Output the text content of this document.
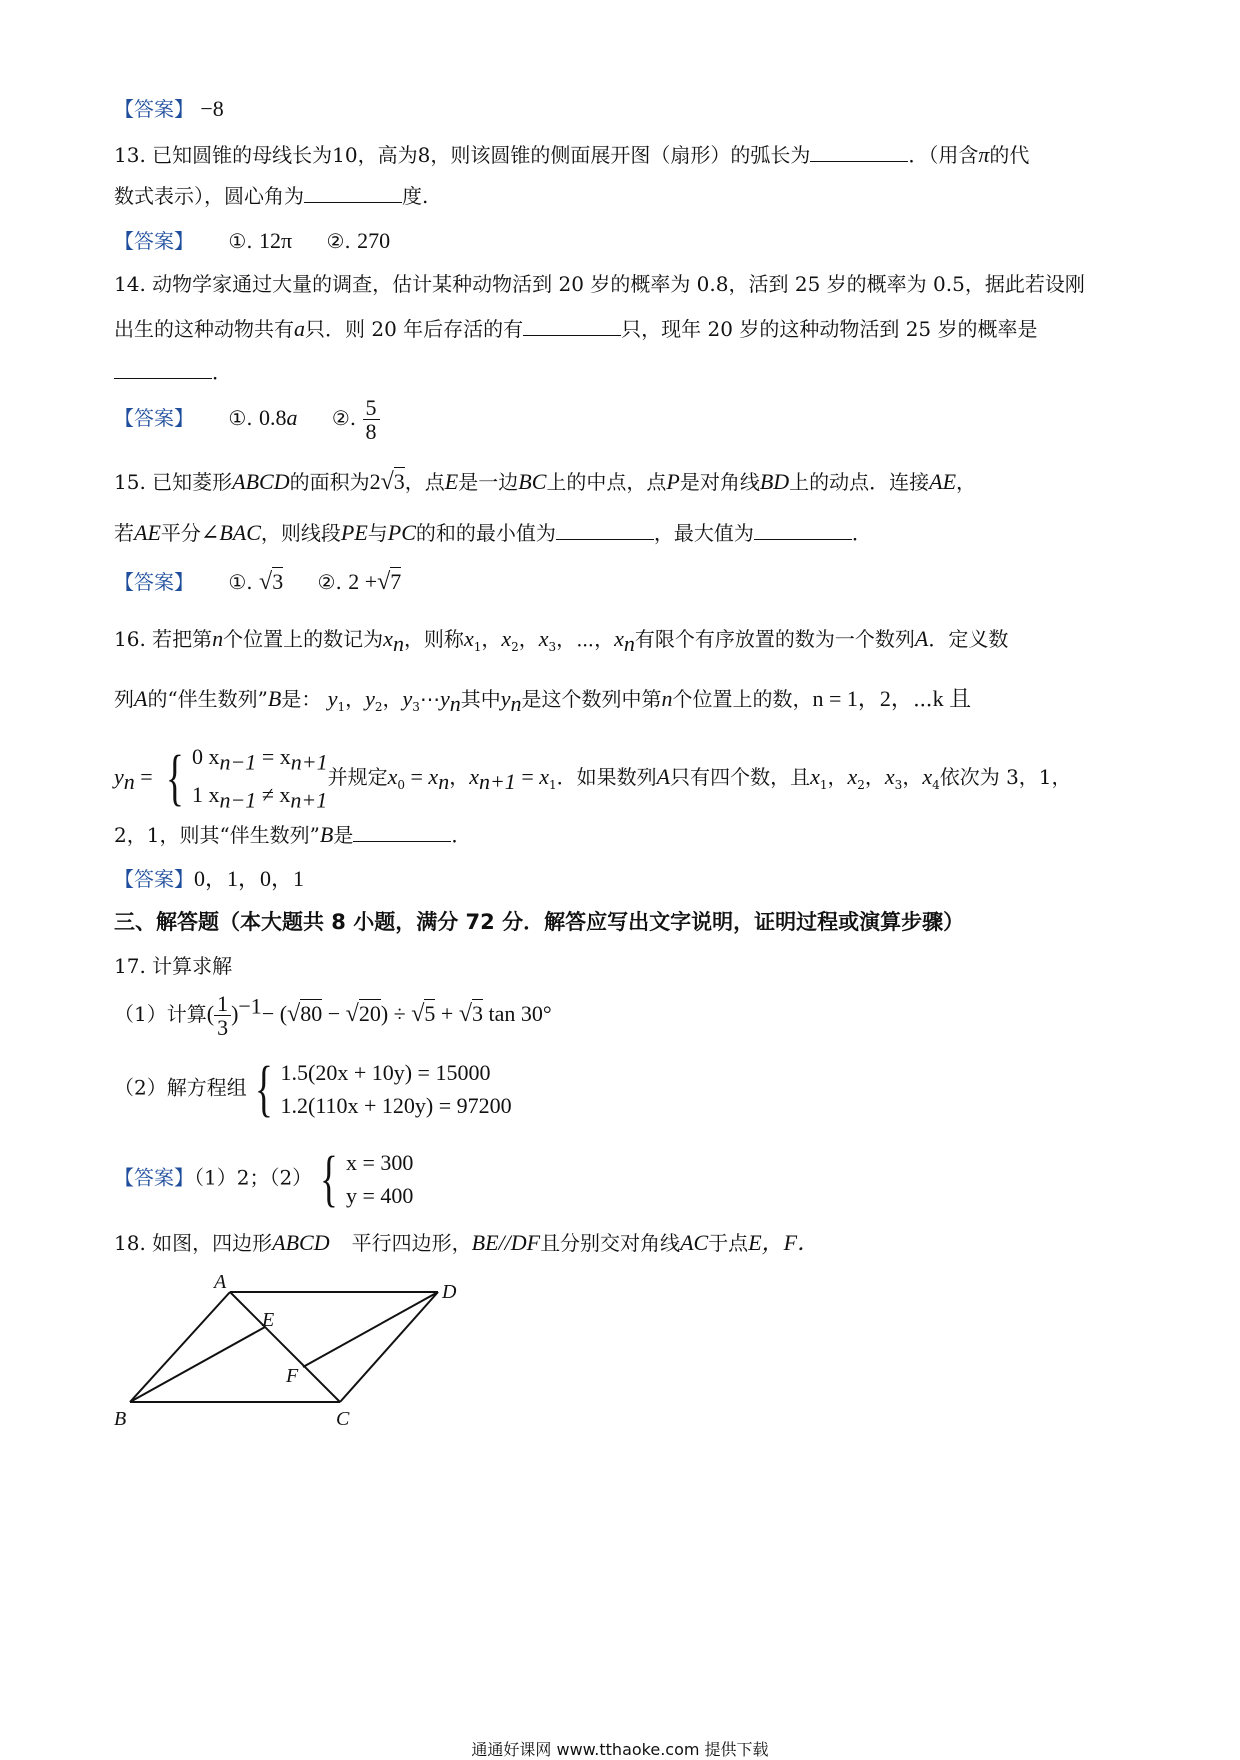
【答案】 −8
13. 已知圆锥的母线长为10，高为8，则该圆锥的侧面展开图（扇形）的弧长为	．（用含π的代
数式表示），圆心角为	度.
【答案】 ①. 12π ②. 270
14. 动物学家通过大量的调查，估计某种动物活到 20 岁的概率为 0.8，活到 25 岁的概率为 0.5，据此若设刚
出生的这种动物共有a只．则 20 年后存活的有	只，现年 20 岁的这种动物活到 25 岁的概率是
．
【答案】 ①. 0.8a ②. $\frac{5}{8}$
15. 已知菱形ABCD的面积为2√3，点E是一边BC上的中点，点P是对角线BD上的动点．连接AE，
若AE平分∠BAC，则线段PE与PC的和的最小值为	，最大值为	．
【答案】 ①. √3 ②. 2 +√7
16. 若把第n个位置上的数记为$x_n$，则称$x_1$，$x_2$，$x_3$，⋯，$x_n$有限个有序放置的数为一个数列A．定义数
列A的“伴生数列”B是： $y_1$，$y_2$，$y_3\cdots y_n$其中$y_n$是这个数列中第n个位置上的数，n = 1，2，⋯k 且
$y_n$ = { 0 $x_{n-1} = x_{n+1}$
1 $x_{n-1} \ne x_{n+1}$
并规定$x_0 = x_n$，$x_{n+1} = x_1$．如果数列A只有四个数，且$x_1$，$x_2$，$x_3$，$x_4$依次为 3，1，
2，1，则其“伴生数列”B是	．
【答案】0，1，0，1
三、解答题（本大题共 8 小题，满分 72 分．解答应写出文字说明，证明过程或演算步骤）
17. 计算求解
（1）计算( $\frac{1}{3} )^{-1}- (√80 - √20) \div √5 + √3$ tan 30°
（2）解方程组 { 1.5(20x + 10y) = 15000
1.2(110x + 120y) = 97200
【答案】（1）2；（2） { x = 300
y = 400
18. 如图，四边形ABCD 平行四边形，BE//DF且分别交对角线AC于点E，F．
A
B	C
D
E
F
通通好课网 www.tthaoke.com 提供下载
